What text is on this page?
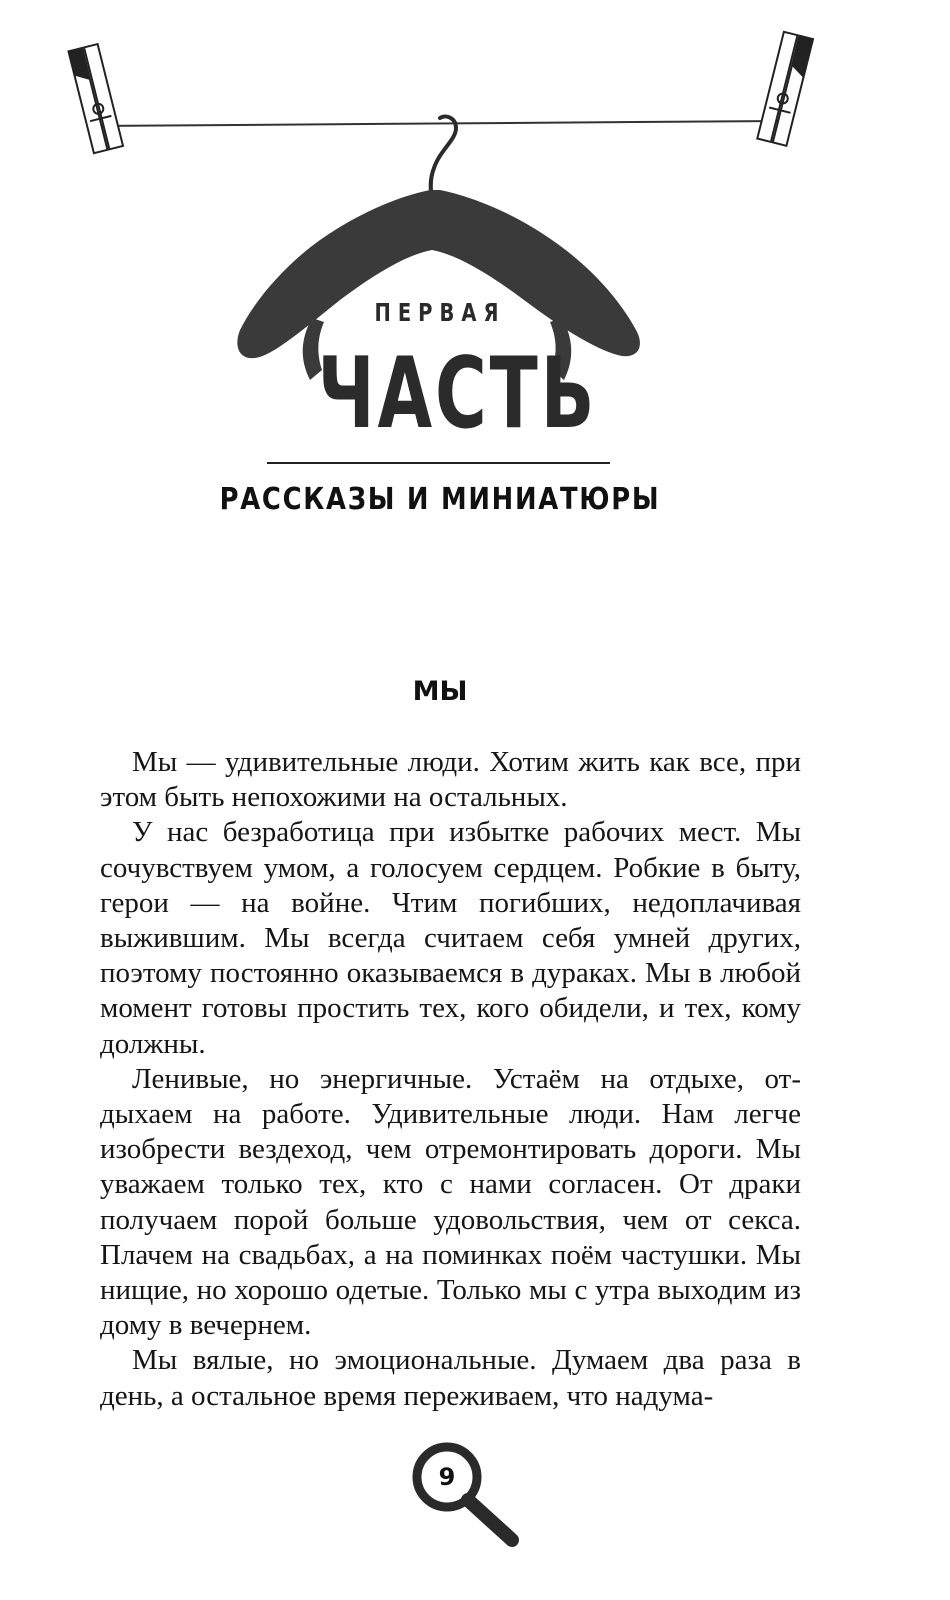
ПЕРВАЯ
ЧАСТЬ
РАССКАЗЫ И МИНИАТЮРЫ
МЫ

Мы — удивительные люди. Хотим жить как все, при этом быть непохожими на остальных.

У нас безработица при избытке рабочих мест. Мы сочувствуем умом, а голосуем сердцем. Робкие в быту, герои — на войне. Чтим погибших, недоплачивая выжившим. Мы всегда считаем себя умней других, поэтому постоянно оказываемся в дураках. Мы в любой момент готовы простить тех, кого обидели, и тех, кому должны.

Ленивые, но энергичные. Устаём на отдыхе, отдыхаем на работе. Удивительные люди. Нам легче изобрести вездеход, чем отремонтировать дороги. Мы уважаем только тех, кто с нами согласен. От драки получаем порой больше удовольствия, чем от секса. Плачем на свадьбах, а на поминках поём частушки. Мы нищие, но хорошо одетые. Только мы с утра выходим из дому в вечернем.

Мы вялые, но эмоциональные. Думаем два раза в день, а остальное время переживаем, что надума-

9
